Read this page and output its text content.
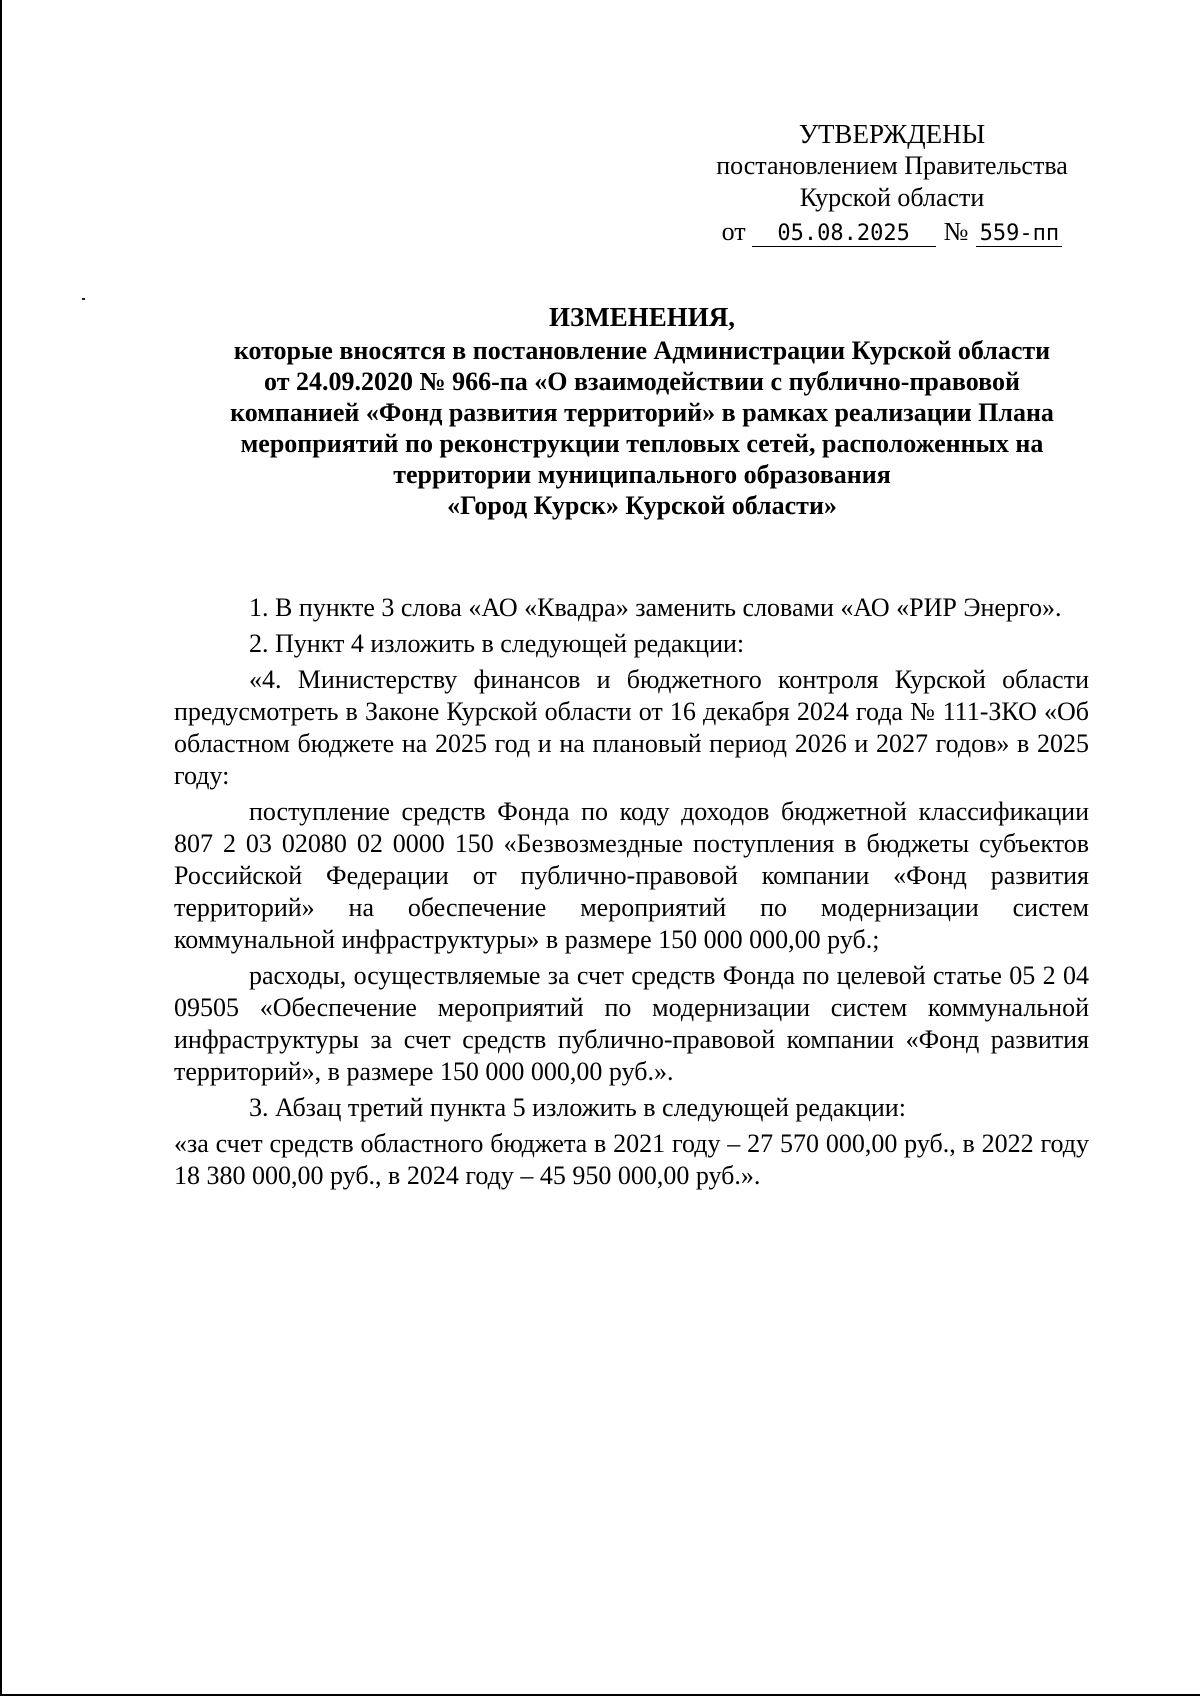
УТВЕРЖДЕНЫ
постановлением Правительства
Курской области
от	05.08.2025	№ 559-пп
ИЗМЕНЕНИЯ,
которые вносятся в постановление Администрации Курской области
от 24.09.2020 № 966-па «О взаимодействии с публично-правовой
компанией «Фонд развития территорий» в рамках реализации Плана
мероприятий по реконструкции тепловых сетей, расположенных на
территории муниципального образования
«Город Курск» Курской области»

1. В пункте 3 слова «АО «Квадра» заменить словами «АО «РИР Энерго».

2. Пункт 4 изложить в следующей редакции:

«4. Министерству финансов и бюджетного контроля Курской области предусмотреть в Законе Курской области от 16 декабря 2024 года № 111-ЗКО «Об областном бюджете на 2025 год и на плановый период 2026 и 2027 годов» в 2025 году:

поступление средств Фонда по коду доходов бюджетной классификации 807 2 03 02080 02 0000 150 «Безвозмездные поступления в бюджеты субъектов Российской Федерации от публично-правовой компании «Фонд развития территорий» на обеспечение мероприятий по модернизации систем коммунальной инфраструктуры» в размере 150 000 000,00 руб.;

расходы, осуществляемые за счет средств Фонда по целевой статье 05 2 04 09505 «Обеспечение мероприятий по модернизации систем коммунальной инфраструктуры за счет средств публично-правовой компании «Фонд развития территорий», в размере 150 000 000,00 руб.».

3. Абзац третий пункта 5 изложить в следующей редакции:

«за счет средств областного бюджета в 2021 году – 27 570 000,00 руб., в 2022 году 18 380 000,00 руб., в 2024 году – 45 950 000,00 руб.».
